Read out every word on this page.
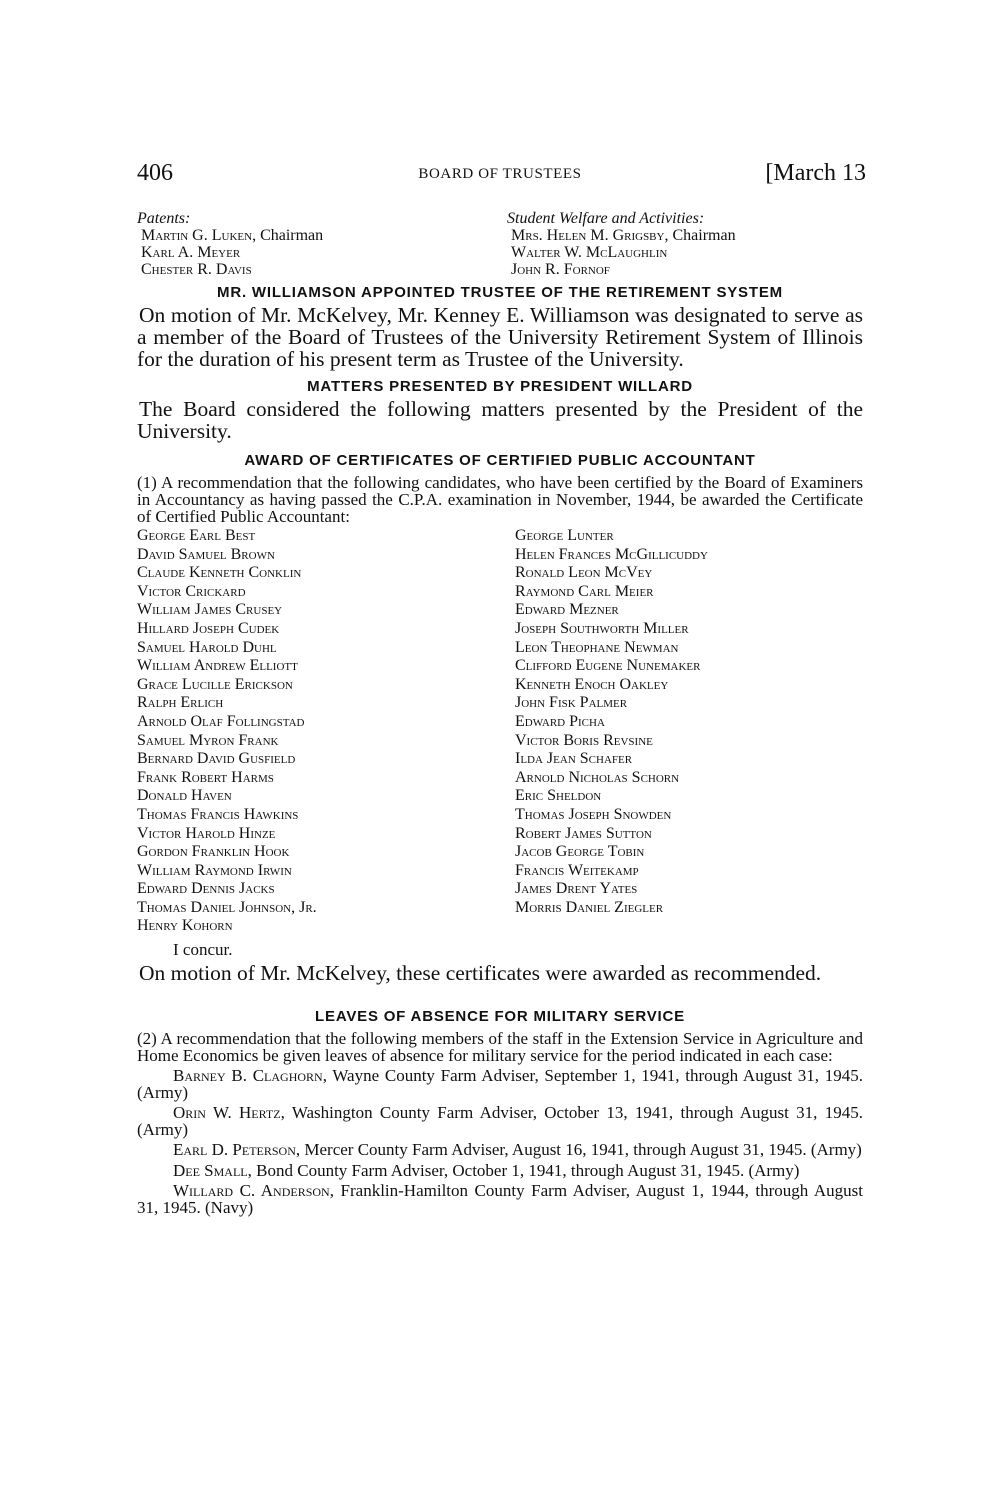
406	BOARD OF TRUSTEES	[March 13
Patents:
Martin G. Luken, Chairman
Karl A. Meyer
Chester R. Davis
Student Welfare and Activities:
Mrs. Helen M. Grigsby, Chairman
Walter W. McLaughlin
John R. Fornof
MR. WILLIAMSON APPOINTED TRUSTEE OF THE RETIREMENT SYSTEM

On motion of Mr. McKelvey, Mr. Kenney E. Williamson was designated to serve as a member of the Board of Trustees of the University Retirement System of Illinois for the duration of his present term as Trustee of the University.

MATTERS PRESENTED BY PRESIDENT WILLARD

The Board considered the following matters presented by the President of the University.

AWARD OF CERTIFICATES OF CERTIFIED PUBLIC ACCOUNTANT

(1) A recommendation that the following candidates, who have been certified by the Board of Examiners in Accountancy as having passed the C.P.A. examination in November, 1944, be awarded the Certificate of Certified Public Accountant:

George Earl Best
David Samuel Brown
Claude Kenneth Conklin
Victor Crickard
William James Crusey
Hillard Joseph Cudek
Samuel Harold Duhl
William Andrew Elliott
Grace Lucille Erickson
Ralph Erlich
Arnold Olaf Follingstad
Samuel Myron Frank
Bernard David Gusfield
Frank Robert Harms
Donald Haven
Thomas Francis Hawkins
Victor Harold Hinze
Gordon Franklin Hook
William Raymond Irwin
Edward Dennis Jacks
Thomas Daniel Johnson, Jr.
Henry Kohorn
George Lunter
Helen Frances McGillicuddy
Ronald Leon McVey
Raymond Carl Meier
Edward Mezner
Joseph Southworth Miller
Leon Theophane Newman
Clifford Eugene Nunemaker
Kenneth Enoch Oakley
John Fisk Palmer
Edward Picha
Victor Boris Revsine
Ilda Jean Schafer
Arnold Nicholas Schorn
Eric Sheldon
Thomas Joseph Snowden
Robert James Sutton
Jacob George Tobin
Francis Weitekamp
James Drent Yates
Morris Daniel Ziegler
I concur.

On motion of Mr. McKelvey, these certificates were awarded as recommended.

LEAVES OF ABSENCE FOR MILITARY SERVICE

(2) A recommendation that the following members of the staff in the Extension Service in Agriculture and Home Economics be given leaves of absence for military service for the period indicated in each case:

Barney B. Claghorn, Wayne County Farm Adviser, September 1, 1941, through August 31, 1945. (Army)
Orin W. Hertz, Washington County Farm Adviser, October 13, 1941, through August 31, 1945. (Army)
Earl D. Peterson, Mercer County Farm Adviser, August 16, 1941, through August 31, 1945. (Army)
Dee Small, Bond County Farm Adviser, October 1, 1941, through August 31, 1945. (Army)
Willard C. Anderson, Franklin-Hamilton County Farm Adviser, August 1, 1944, through August 31, 1945. (Navy)
